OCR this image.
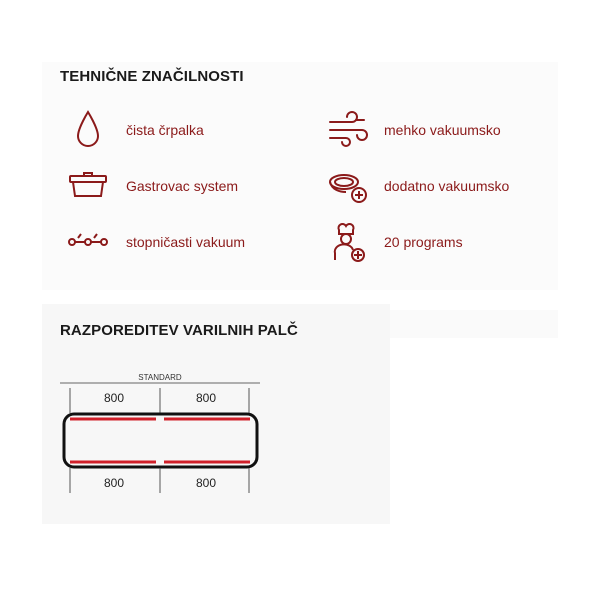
TEHNIČNE ZNAČILNOSTI
čista črpalka	mehko vakuumsko
Gastrovac system	dodatno vakuumsko
stopničasti vakuum	20 programs
RAZPOREDITEV VARILNIH PALČ
STANDARD
800	800
800	800
